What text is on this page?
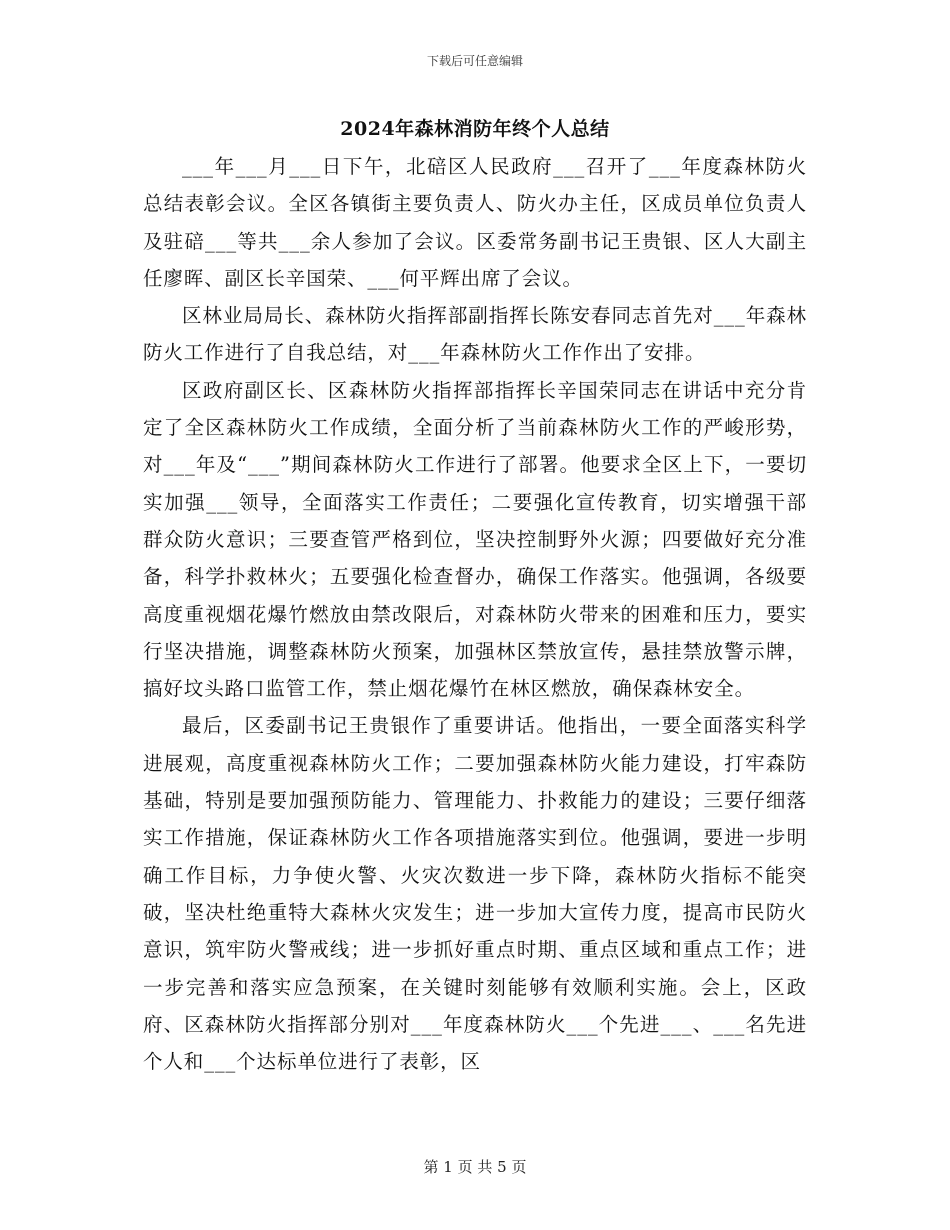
下载后可任意编辑
2024年森林消防年终个人总结

___年___月___日下午，北碚区人民政府___召开了___年度森林防火总结表彰会议。全区各镇街主要负责人、防火办主任，区成员单位负责人及驻碚___等共___余人参加了会议。区委常务副书记王贵银、区人大副主任廖晖、副区长辛国荣、___何平辉出席了会议。

区林业局局长、森林防火指挥部副指挥长陈安春同志首先对___年森林防火工作进行了自我总结，对___年森林防火工作作出了安排。

区政府副区长、区森林防火指挥部指挥长辛国荣同志在讲话中充分肯定了全区森林防火工作成绩，全面分析了当前森林防火工作的严峻形势，对___年及“___”期间森林防火工作进行了部署。他要求全区上下，一要切实加强___领导，全面落实工作责任；二要强化宣传教育，切实增强干部群众防火意识；三要查管严格到位，坚决控制野外火源；四要做好充分准备，科学扑救林火；五要强化检查督办，确保工作落实。他强调，各级要高度重视烟花爆竹燃放由禁改限后，对森林防火带来的困难和压力，要实行坚决措施，调整森林防火预案，加强林区禁放宣传，悬挂禁放警示牌，搞好坟头路口监管工作，禁止烟花爆竹在林区燃放，确保森林安全。

最后，区委副书记王贵银作了重要讲话。他指出，一要全面落实科学进展观，高度重视森林防火工作；二要加强森林防火能力建设，打牢森防基础，特别是要加强预防能力、管理能力、扑救能力的建设；三要仔细落实工作措施，保证森林防火工作各项措施落实到位。他强调，要进一步明确工作目标，力争使火警、火灾次数进一步下降，森林防火指标不能突破，坚决杜绝重特大森林火灾发生；进一步加大宣传力度，提高市民防火意识，筑牢防火警戒线；进一步抓好重点时期、重点区域和重点工作；进一步完善和落实应急预案，在关键时刻能够有效顺利实施。会上，区政府、区森林防火指挥部分别对___年度森林防火___个先进___、___名先进个人和___个达标单位进行了表彰，区

第 1 页 共 5 页
